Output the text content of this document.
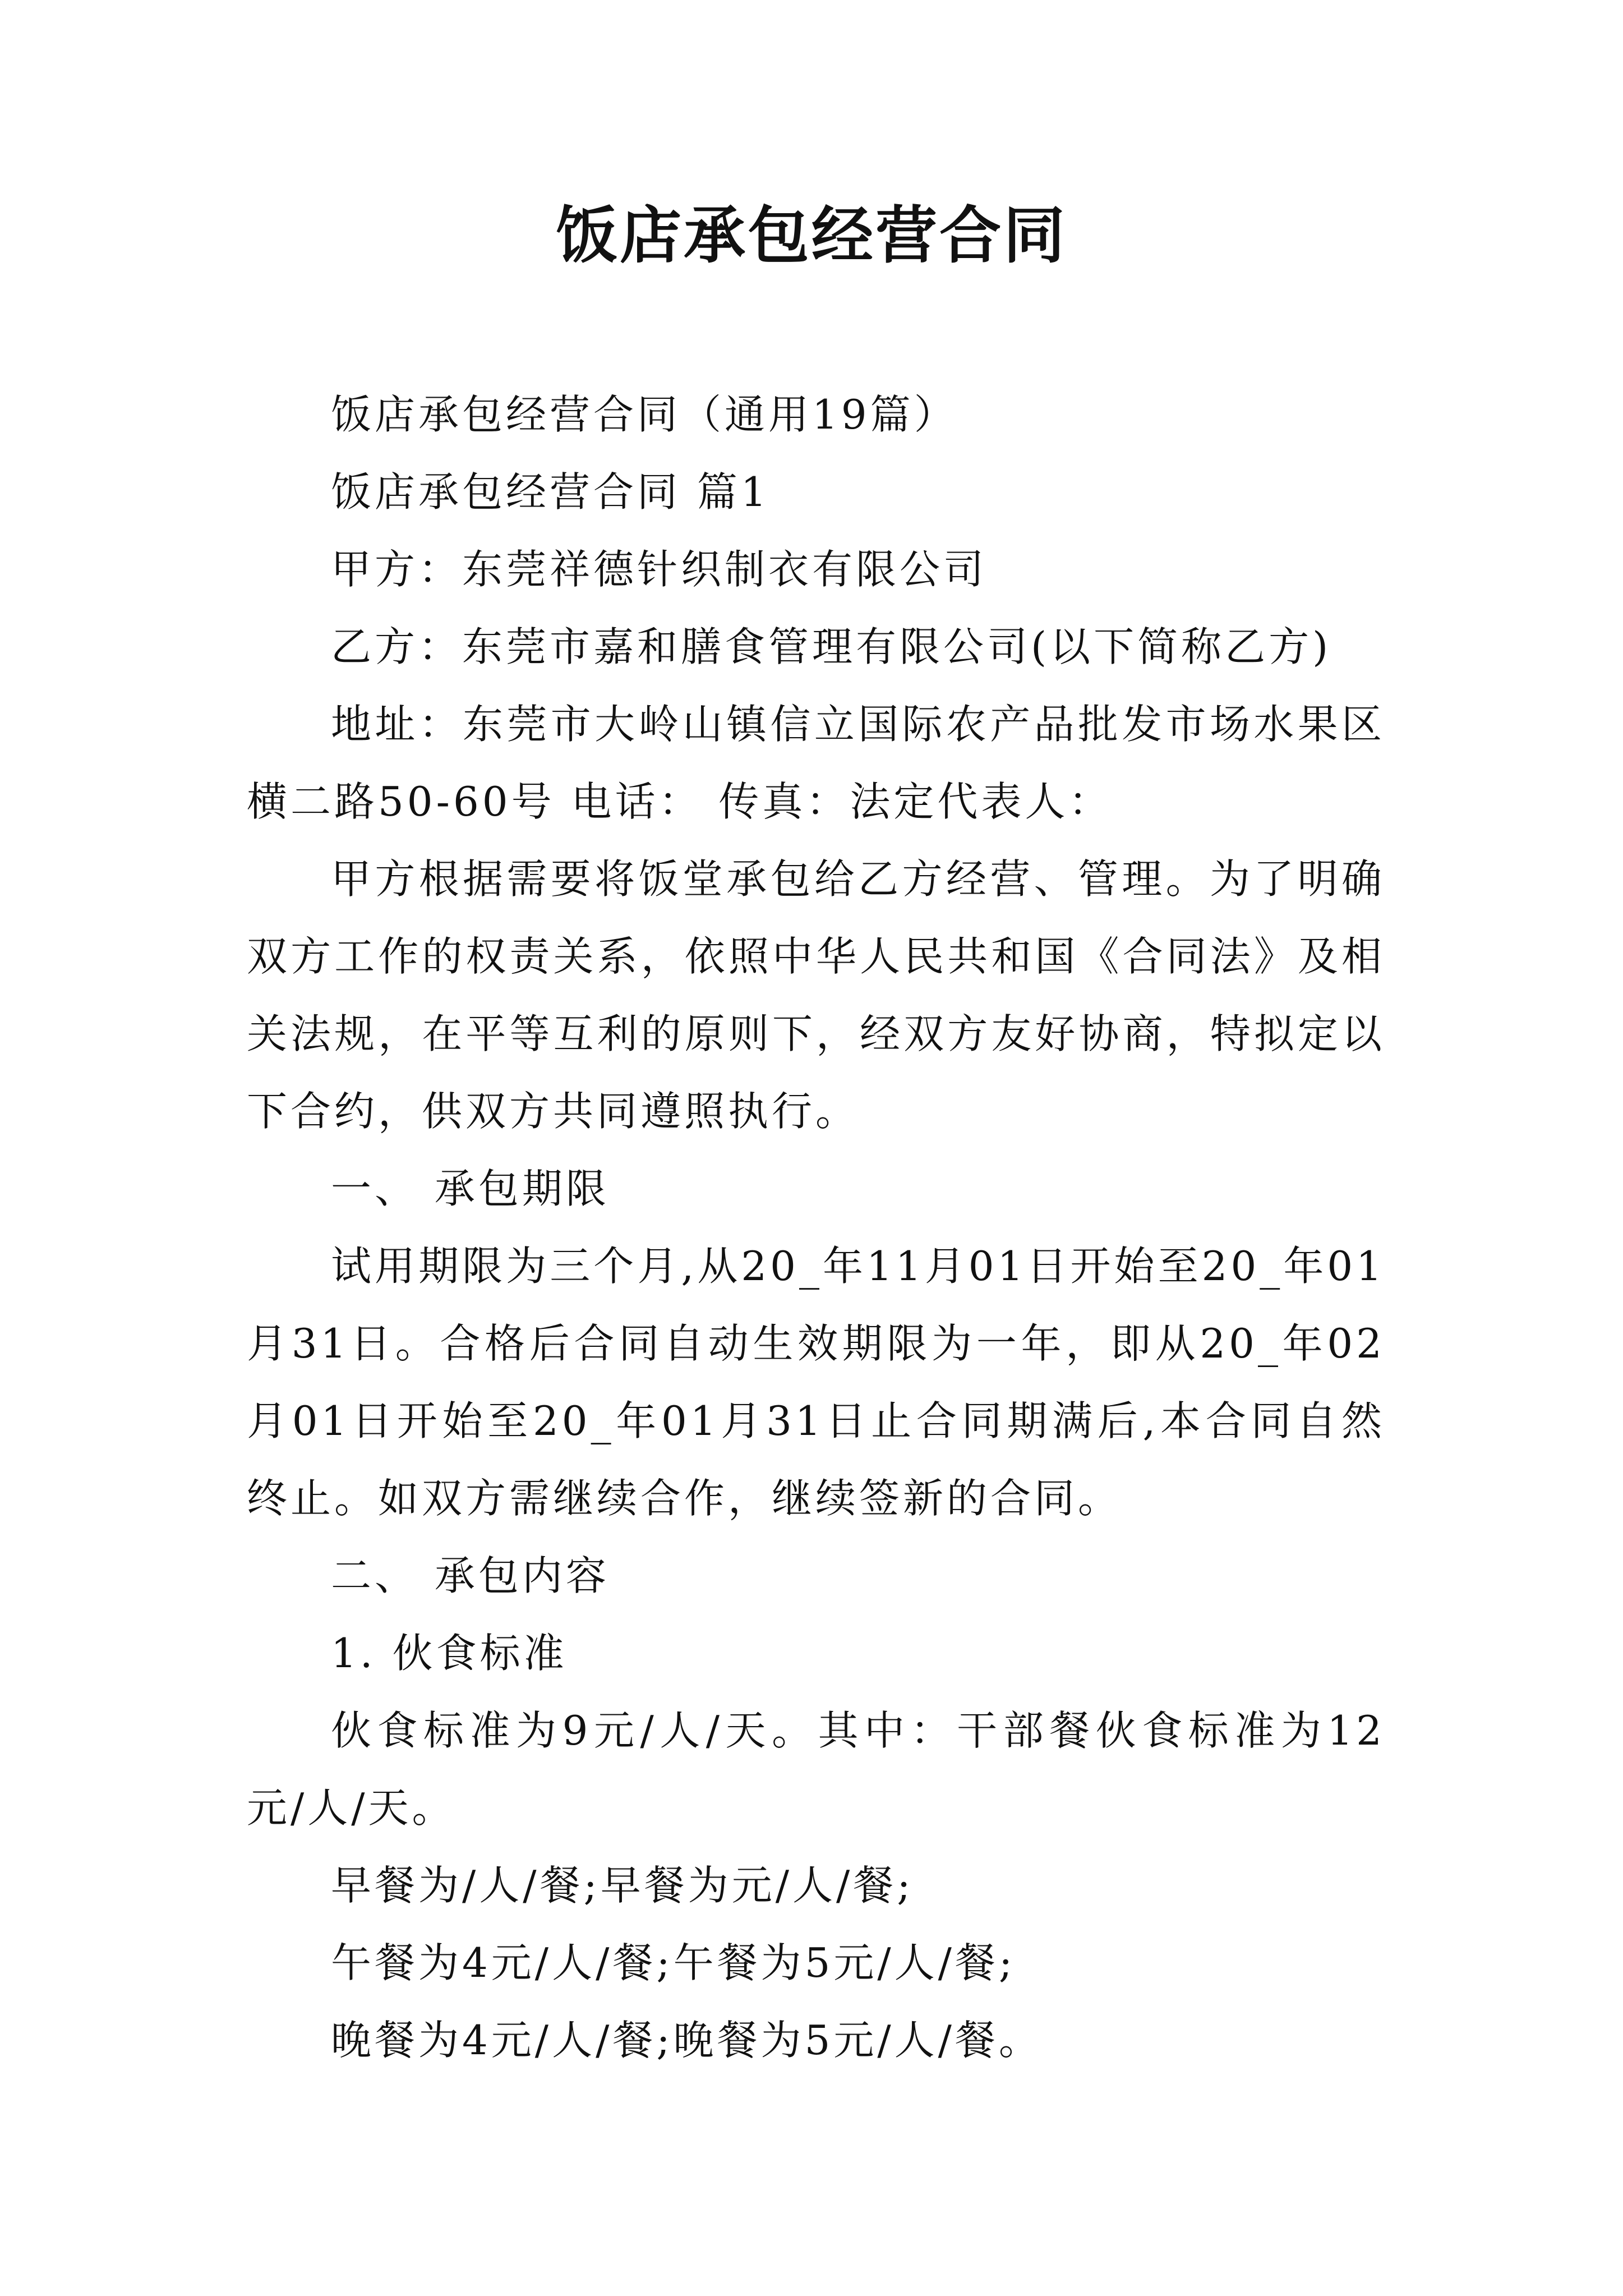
饭店承包经营合同

饭店承包经营合同（通用19篇）

饭店承包经营合同 篇1

甲方：东莞祥德针织制衣有限公司

乙方：东莞市嘉和膳食管理有限公司(以下简称乙方)

地址：东莞市大岭山镇信立国际农产品批发市场水果区横二路50-60号 电话： 传真：法定代表人：

甲方根据需要将饭堂承包给乙方经营、管理。为了明确双方工作的权责关系，依照中华人民共和国《合同法》及相关法规，在平等互利的原则下，经双方友好协商，特拟定以下合约，供双方共同遵照执行。

一、 承包期限

试用期限为三个月,从20_年11月01日开始至20_年01月31日。合格后合同自动生效期限为一年，即从20_年02月01日开始至20_年01月31日止合同期满后,本合同自然终止。如双方需继续合作，继续签新的合同。

二、 承包内容

1. 伙食标准

伙食标准为9元/人/天。其中：干部餐伙食标准为12元/人/天。

早餐为/人/餐;早餐为元/人/餐;

午餐为4元/人/餐;午餐为5元/人/餐;

晚餐为4元/人/餐;晚餐为5元/人/餐。
